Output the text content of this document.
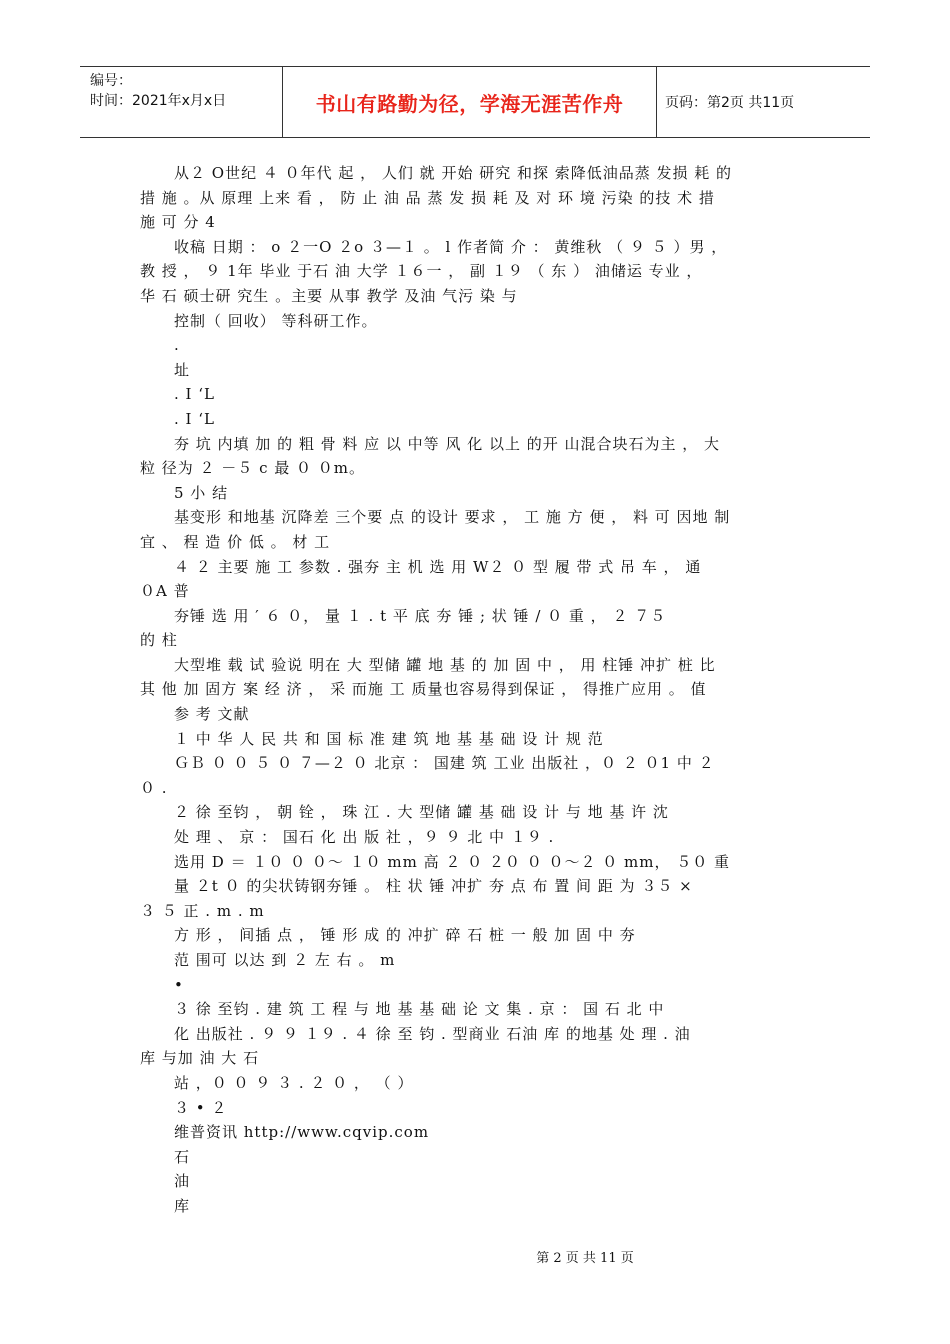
编号：
时间：2021年x月x日	书山有路勤为径，学海无涯苦作舟	页码：第2页 共11页

从２ O世纪 ４ ０年代 起 ， 人们 就 开始 研究 和探 索降低油品蒸 发损 耗 的

措 施 。从 原理 上来 看 ， 防 止 油 品 蒸 发 损 耗 及 对 环 境 污染 的技 术 措

施 可 分 4

收稿 日期 ： o ２一O ２o ３—１ 。 l 作者简 介 ： 黄维秋 （ ９ ５ ）男 ，

教 授 ， ９ 1年 毕业 于石 油 大学 １６一 ， 副 １９ （ 东 ） 油储运 专业 ，

华 石 硕士研 究生 。主要 从事 教学 及油 气污 染 与

控制（ 回收） 等科研工作。

.

址

. I ‘L

. I ‘L

夯 坑 内填 加 的 粗 骨 料 应 以 中等 风 化 以上 的开 山混合块石为主 ， 大

粒 径为 ２ －５ c 最 ０ ０m。

5 小 结

基变形 和地基 沉降差 三个要 点 的设计 要求 ， 工 施 方 便 ， 料 可 因地 制

宜 、 程 造 价 低 。 材 工

４ ２ 主要 施 工 参数 . 强夯 主 机 选 用 W２ ０ 型 履 带 式 吊 车 ， 通

０A 普

夯锤 选 用 ′ ６ ０， 量 １ . t 平 底 夯 锤 ; 状 锤 / ０ 重 ， ２ ７５

的 柱

大型堆 载 试 验说 明在 大 型储 罐 地 基 的 加 固 中 ， 用 柱锤 冲扩 桩 比

其 他 加 固方 案 经 济 ， 采 而施 工 质量也容易得到保证 ， 得推广应用 。 值

参 考 文献

１ 中 华 人 民 共 和 国 标 准 建 筑 地 基 基 础 设 计 规 范

ＧＢ ０ ０ ５ ０ ７—２ ０ 北京 ： 国建 筑 工业 出版社 ，０ ２ ０1 中 ２

０ .

２ 徐 至钧 ， 朝 铨 ， 珠 江 . 大 型储 罐 基 础 设 计 与 地 基 许 沈

处 理 、 京 ： 国石 化 出 版 社 ，９ ９ 北 中 １９ .

选用 D ＝ １０ ０ ０～ １０ mm 高 ２ ０ ２０ ０ ０～２ ０ mm， ５０ 重

量 ２t ０ 的尖状铸钢夯锤 。 柱 状 锤 冲扩 夯 点 布 置 间 距 为 ３５ ×

３ ５ 正 . m . m

方 形 ， 间插 点 ， 锤 形 成 的 冲扩 碎 石 桩 一 般 加 固 中 夯

范 围可 以达 到 ２ 左 右 。 m

•

３ 徐 至钧 . 建 筑 工 程 与 地 基 基 础 论 文 集 . 京 ： 国 石 北 中

化 出版社 . ９ ９ １９ . ４ 徐 至 钧 . 型商业 石油 库 的地基 处 理 . 油

库 与加 油 大 石

站 ，０ ０ ９ ３ . ２ ０ ， （ ）

３ • ２

维普资讯 http://www.cqvip.com

石

油

库

第 2 页 共 11 页
